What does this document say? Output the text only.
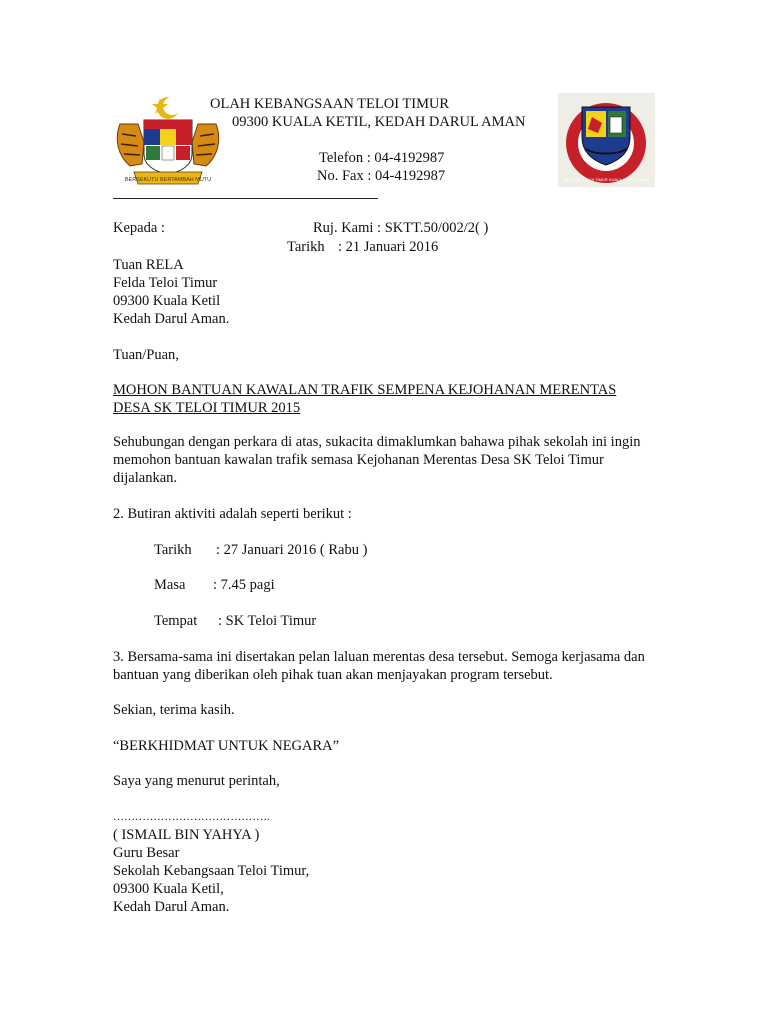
BERSEKUTU BERTAMBAH MUTU
OLAH KEBANGSAAN TELOI TIMUR
09300 KUALA KETIL, KEDAH DARUL AMAN
Telefon : 04-4192987
No. Fax : 04-4192987	SEK. KEB. TELOI TIMUR KUALA KETIL, KEDAH
Kepada :	Ruj. Kami : SKTT.50/002/2( )
Tarikh : 21 Januari 2016
Tuan RELA
Felda Teloi Timur
09300 Kuala Ketil
Kedah Darul Aman.
Tuan/Puan,
MOHON BANTUAN KAWALAN TRAFIK SEMPENA KEJOHANAN MERENTAS
DESA SK TELOI TIMUR 2015
Sehubungan dengan perkara di atas, sukacita dimaklumkan bahawa pihak sekolah ini ingin memohon bantuan kawalan trafik semasa Kejohanan Merentas Desa SK Teloi Timur dijalankan.
2. Butiran aktiviti adalah seperti berikut :
Tarikh : 27 Januari 2016 ( Rabu )
Masa : 7.45 pagi
Tempat : SK Teloi Timur
3. Bersama-sama ini disertakan pelan laluan merentas desa tersebut. Semoga kerjasama dan bantuan yang diberikan oleh pihak tuan akan menjayakan program tersebut.
Sekian, terima kasih.
“BERKHIDMAT UNTUK NEGARA”
Saya yang menurut perintah,
…………………………………….
( ISMAIL BIN YAHYA )
Guru Besar
Sekolah Kebangsaan Teloi Timur,
09300 Kuala Ketil,
Kedah Darul Aman.
